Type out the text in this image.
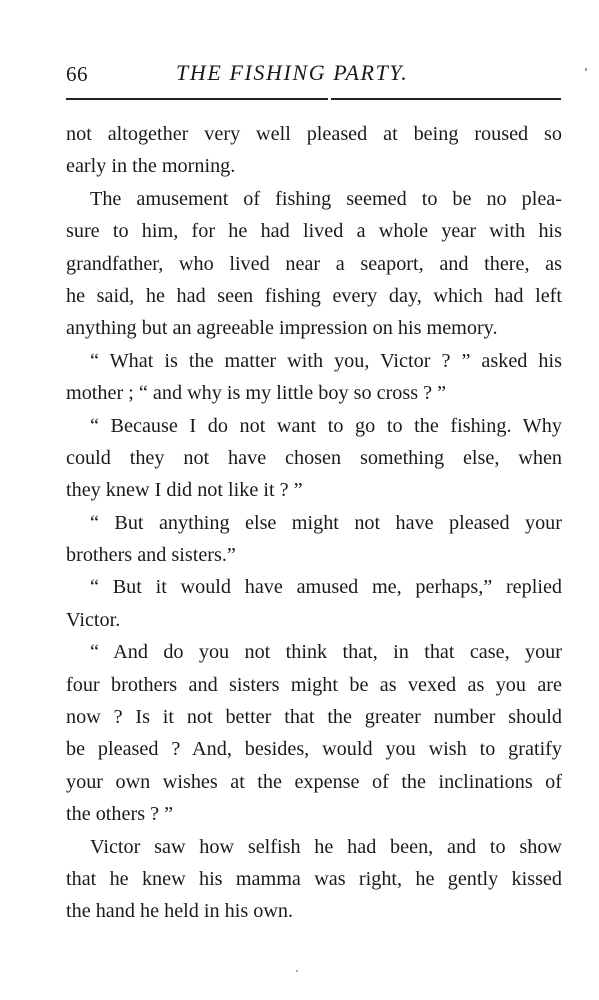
66	THE FISHING PARTY.
not altogether very well pleased at being roused so
early in the morning.
The amusement of fishing seemed to be no plea-
sure to him, for he had lived a whole year with his
grandfather, who lived near a seaport, and there, as
he said, he had seen fishing every day, which had left
anything but an agreeable impression on his memory.
“ What is the matter with you, Victor ? ” asked his
mother ; “ and why is my little boy so cross ? ”
“ Because I do not want to go to the fishing. Why
could they not have chosen something else, when
they knew I did not like it ? ”
“ But anything else might not have pleased your
brothers and sisters.”
“ But it would have amused me, perhaps,” replied
Victor.
“ And do you not think that, in that case, your
four brothers and sisters might be as vexed as you are
now ? Is it not better that the greater number should
be pleased ? And, besides, would you wish to gratify
your own wishes at the expense of the inclinations of
the others ? ”
Victor saw how selfish he had been, and to show
that he knew his mamma was right, he gently kissed
the hand he held in his own.
